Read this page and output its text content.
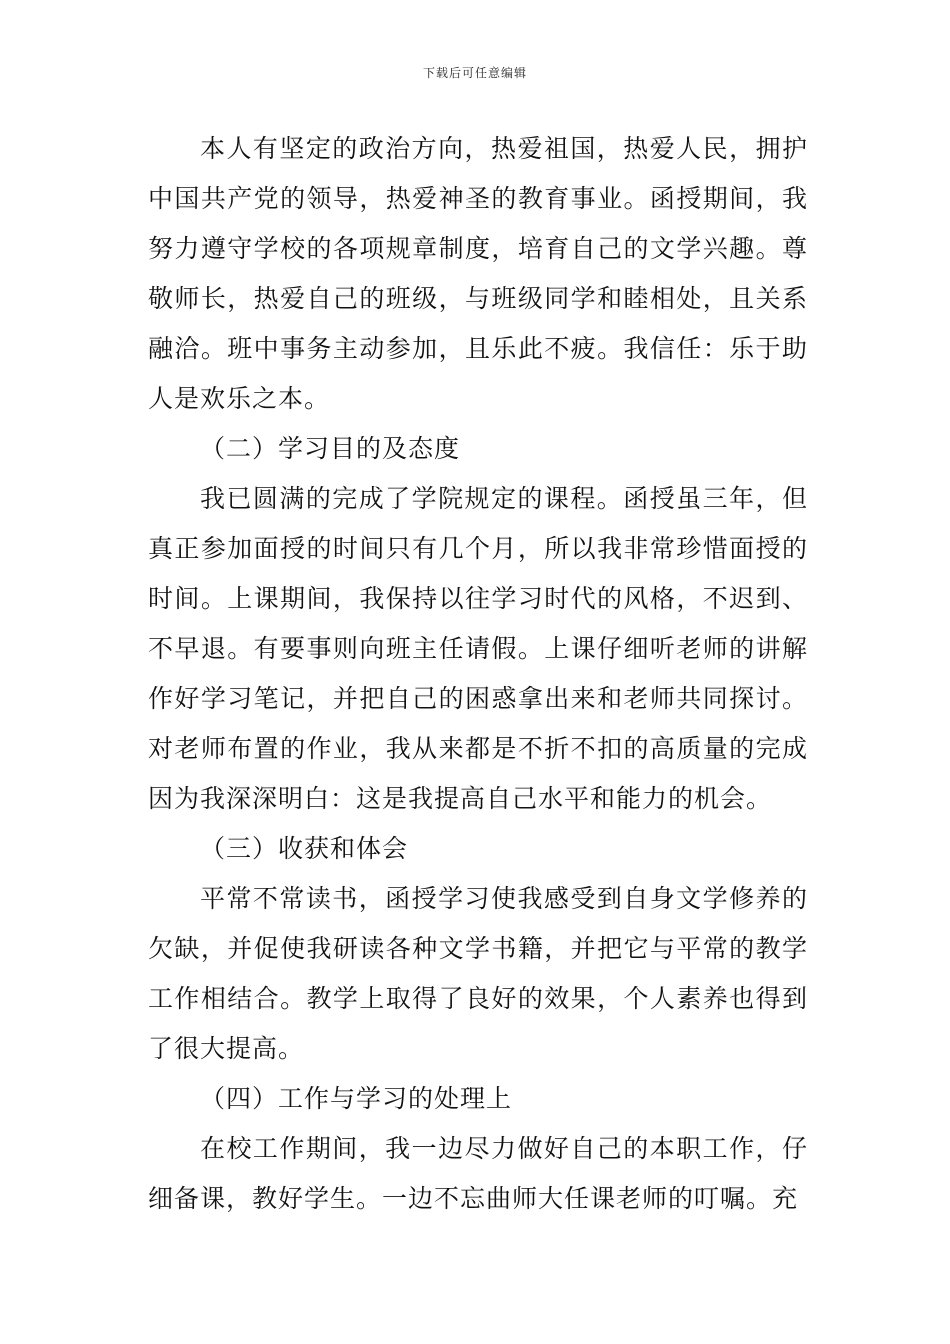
下载后可任意编辑

本人有坚定的政治方向，热爱祖国，热爱人民，拥护中国共产党的领导，热爱神圣的教育事业。函授期间，我努力遵守学校的各项规章制度，培育自己的文学兴趣。尊敬师长，热爱自己的班级，与班级同学和睦相处，且关系融洽。班中事务主动参加，且乐此不疲。我信任：乐于助人是欢乐之本。

（二）学习目的及态度

我已圆满的完成了学院规定的课程。函授虽三年，但真正参加面授的时间只有几个月，所以我非常珍惜面授的时间。上课期间，我保持以往学习时代的风格，不迟到、不早退。有要事则向班主任请假。上课仔细听老师的讲解作好学习笔记，并把自己的困惑拿出来和老师共同探讨。对老师布置的作业，我从来都是不折不扣的高质量的完成因为我深深明白：这是我提高自己水平和能力的机会。

（三）收获和体会

平常不常读书，函授学习使我感受到自身文学修养的欠缺，并促使我研读各种文学书籍，并把它与平常的教学工作相结合。教学上取得了良好的效果，个人素养也得到了很大提高。

（四）工作与学习的处理上

在校工作期间，我一边尽力做好自己的本职工作，仔细备课，教好学生。一边不忘曲师大任课老师的叮嘱。充
